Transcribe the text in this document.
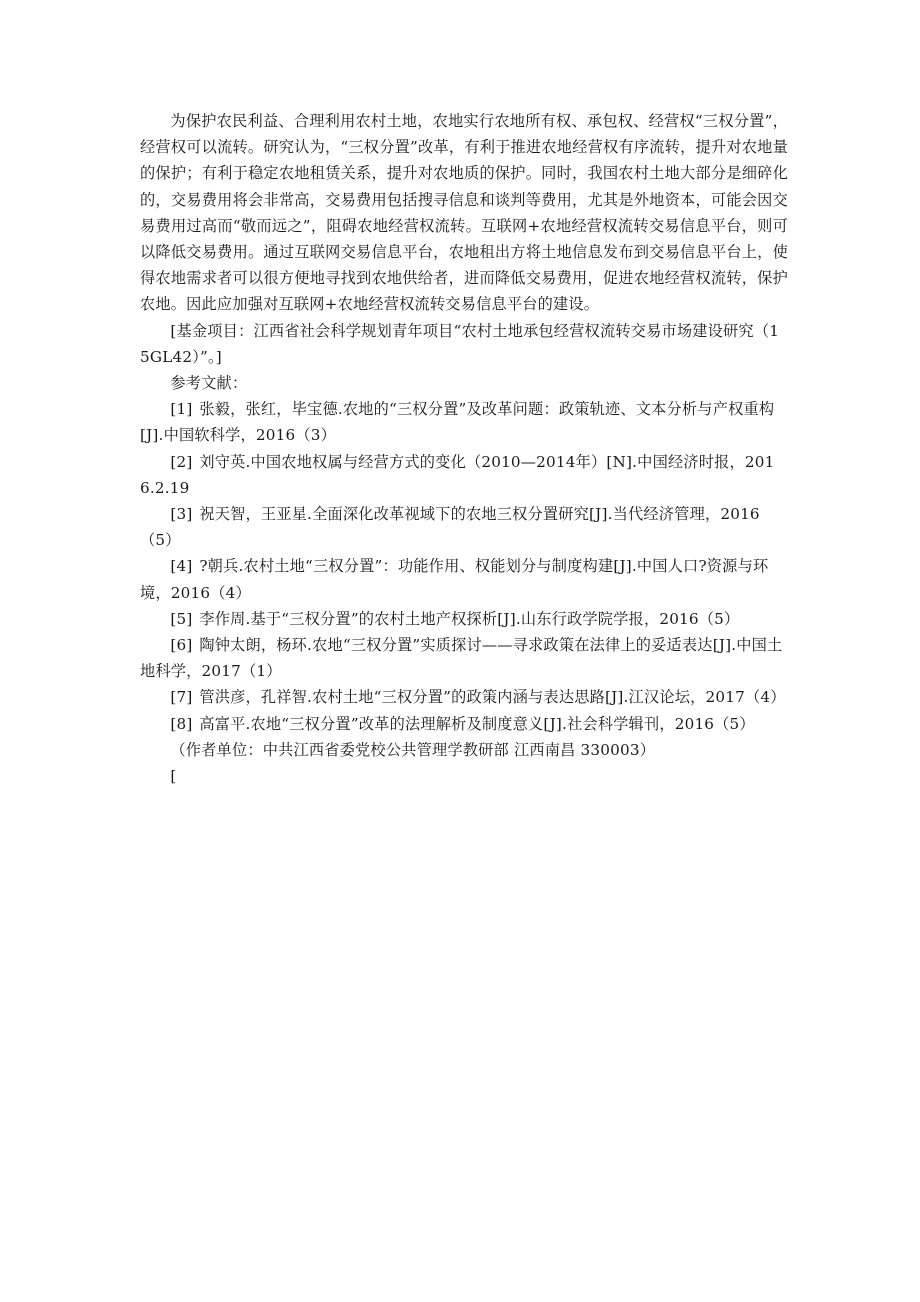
为保护农民利益、合理利用农村土地，农地实行农地所有权、承包权、经营权“三权分置”，经营权可以流转。研究认为，“三权分置”改革，有利于推进农地经营权有序流转，提升对农地量的保护；有利于稳定农地租赁关系，提升对农地质的保护。同时，我国农村土地大部分是细碎化的，交易费用将会非常高，交易费用包括搜寻信息和谈判等费用，尤其是外地资本，可能会因交易费用过高而“敬而远之”，阻碍农地经营权流转。互联网+农地经营权流转交易信息平台，则可以降低交易费用。通过互联网交易信息平台，农地租出方将土地信息发布到交易信息平台上，使得农地需求者可以很方便地寻找到农地供给者，进而降低交易费用，促进农地经营权流转，保护农地。因此应加强对互联网+农地经营权流转交易信息平台的建设。

[基金项目：江西省社会科学规划青年项目“农村土地承包经营权流转交易市场建设研究（15GL42）”。]

参考文献：

[1] 张毅，张红，毕宝德.农地的“三权分置”及改革问题：政策轨迹、文本分析与产权重构[J].中国软科学，2016（3）
[2] 刘守英.中国农地权属与经营方式的变化（2010—2014年）[N].中国经济时报，2016.2.19
[3] 祝天智，王亚星.全面深化改革视域下的农地三权分置研究[J].当代经济管理，2016（5）
[4] ?朝兵.农村土地“三权分置”：功能作用、权能划分与制度构建[J].中国人口?资源与环境，2016（4）
[5] 李作周.基于“三权分置”的农村土地产权探析[J].山东行政学院学报，2016（5）
[6] 陶钟太朗，杨环.农地“三权分置”实质探讨——寻求政策在法律上的妥适表达[J].中国土地科学，2017（1）
[7] 管洪彦，孔祥智.农村土地“三权分置”的政策内涵与表达思路[J].江汉论坛，2017（4）
[8] 高富平.农地“三权分置”改革的法理解析及制度意义[J].社会科学辑刊，2016（5）

（作者单位：中共江西省委党校公共管理学教研部 江西南昌 330003）

[
